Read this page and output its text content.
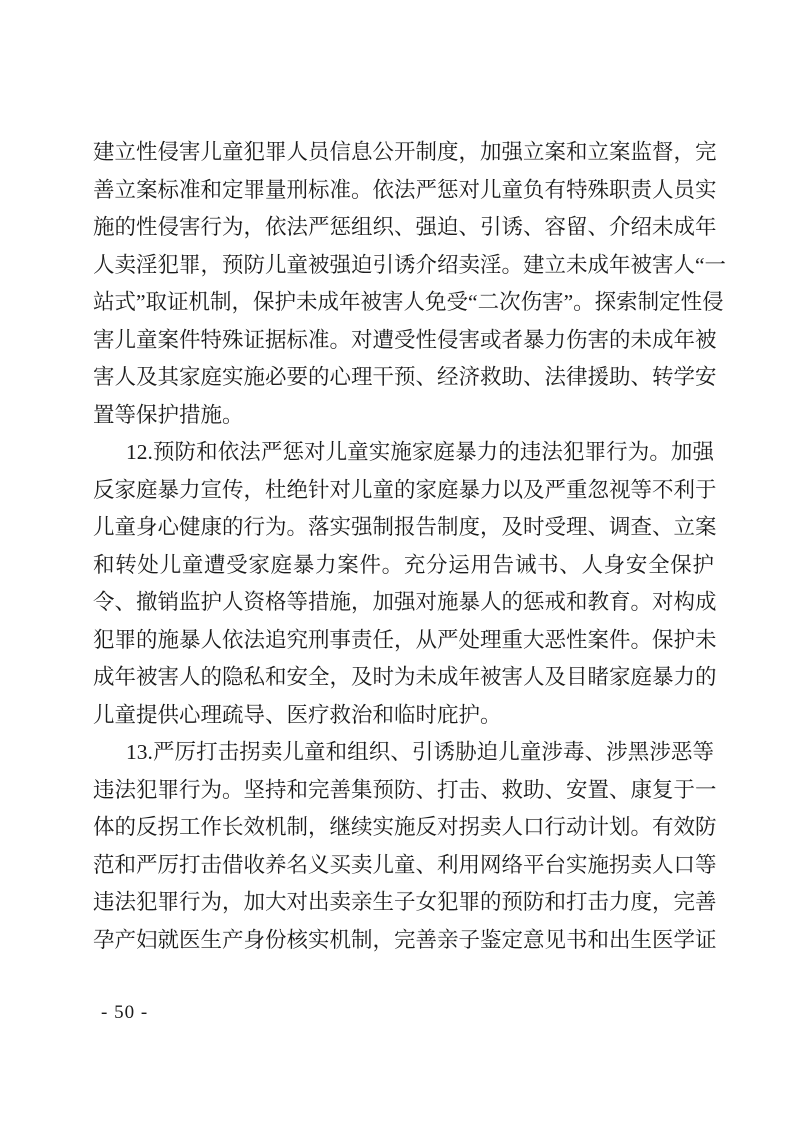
建立性侵害儿童犯罪人员信息公开制度，加强立案和立案监督，完
善立案标准和定罪量刑标准。依法严惩对儿童负有特殊职责人员实
施的性侵害行为，依法严惩组织、强迫、引诱、容留、介绍未成年
人卖淫犯罪，预防儿童被强迫引诱介绍卖淫。建立未成年被害人“一
站式”取证机制，保护未成年被害人免受“二次伤害”。探索制定性侵
害儿童案件特殊证据标准。对遭受性侵害或者暴力伤害的未成年被
害人及其家庭实施必要的心理干预、经济救助、法律援助、转学安
置等保护措施。
12.预防和依法严惩对儿童实施家庭暴力的违法犯罪行为。加强
反家庭暴力宣传，杜绝针对儿童的家庭暴力以及严重忽视等不利于
儿童身心健康的行为。落实强制报告制度，及时受理、调查、立案
和转处儿童遭受家庭暴力案件。充分运用告诫书、人身安全保护
令、撤销监护人资格等措施，加强对施暴人的惩戒和教育。对构成
犯罪的施暴人依法追究刑事责任，从严处理重大恶性案件。保护未
成年被害人的隐私和安全，及时为未成年被害人及目睹家庭暴力的
儿童提供心理疏导、医疗救治和临时庇护。
13.严厉打击拐卖儿童和组织、引诱胁迫儿童涉毒、涉黑涉恶等
违法犯罪行为。坚持和完善集预防、打击、救助、安置、康复于一
体的反拐工作长效机制，继续实施反对拐卖人口行动计划。有效防
范和严厉打击借收养名义买卖儿童、利用网络平台实施拐卖人口等
违法犯罪行为，加大对出卖亲生子女犯罪的预防和打击力度，完善
孕产妇就医生产身份核实机制，完善亲子鉴定意见书和出生医学证
- 50 -
